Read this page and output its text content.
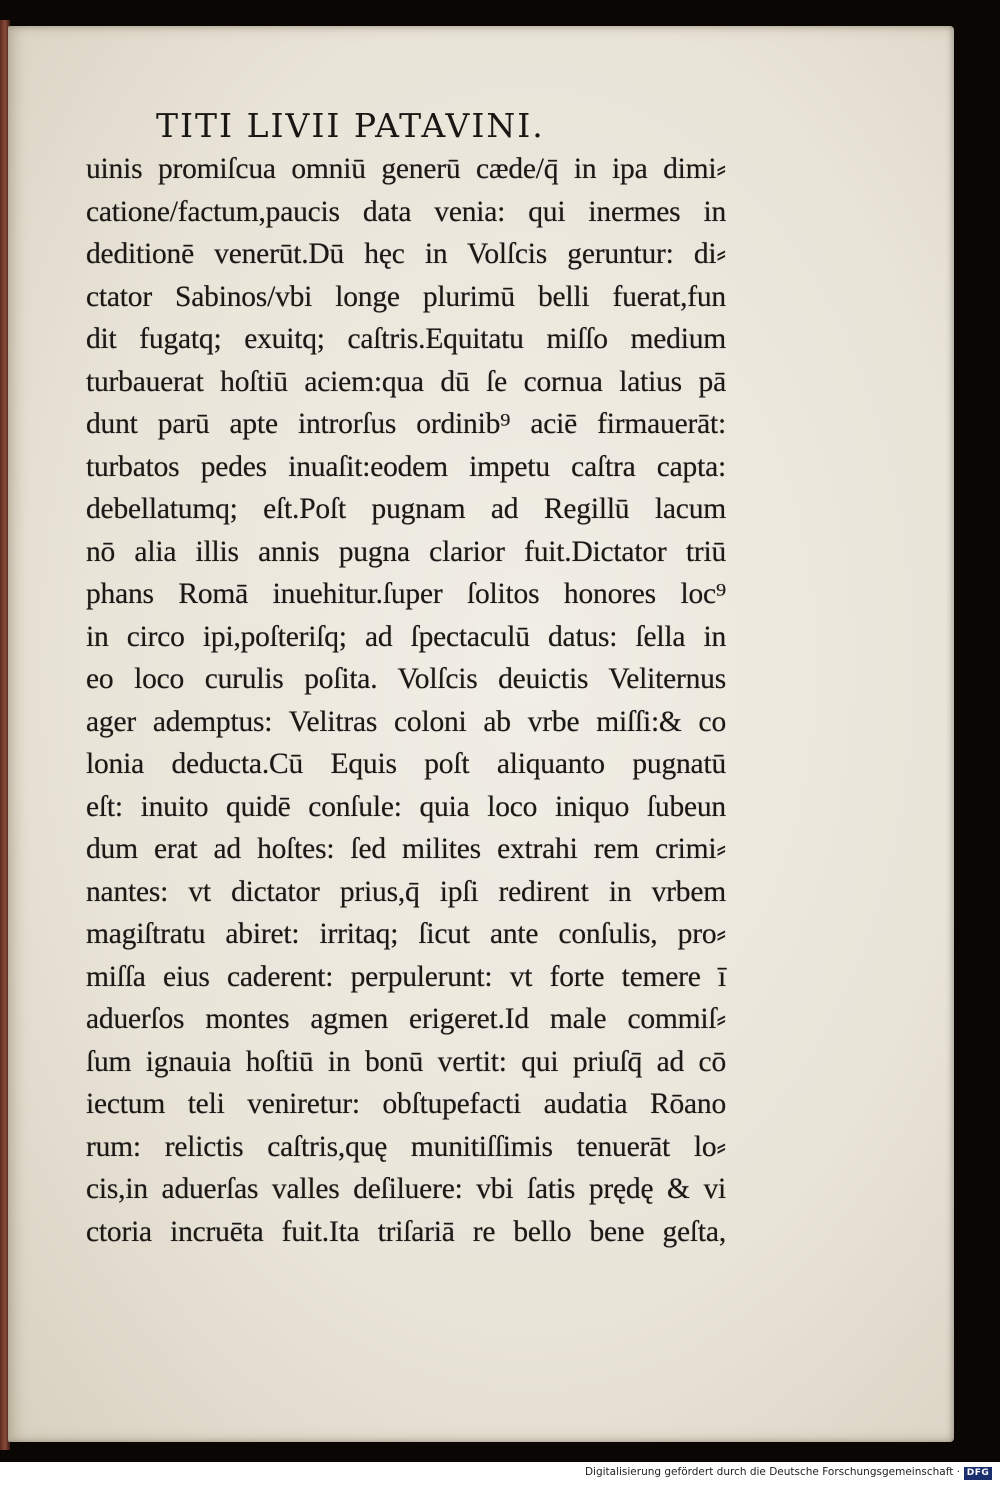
TITI LIVII PATAVINI.
uinis promiſcua omniū generū cæde/q̄ in ipa dimi⸗
catione/factum,paucis data venia: qui inermes in
deditionē venerūt.Dū hęc in Volſcis geruntur: di⸗
ctator Sabinos/vbi longe plurimū belli fuerat,fun
dit fugatq; exuitq; caſtris.Equitatu miſſo medium
turbauerat hoſtiū aciem:qua dū ſe cornua latius pā
dunt parū apte introrſus ordinib⁹ aciē firmauerāt:
turbatos pedes inuaſit:eodem impetu caſtra capta:
debellatumq; eſt.Poſt pugnam ad Regillū lacum
nō alia illis annis pugna clarior fuit.Dictator triū
phans Romā inuehitur.ſuper ſolitos honores loc⁹
in circo ipi,poſteriſq; ad ſpectaculū datus: ſella in
eo loco curulis poſita. Volſcis deuictis Veliternus
ager ademptus: Velitras coloni ab vrbe miſſi:& co
lonia deducta.Cū Equis poſt aliquanto pugnatū
eſt: inuito quidē conſule: quia loco iniquo ſubeun
dum erat ad hoſtes: ſed milites extrahi rem crimi⸗
nantes: vt dictator prius,q̄ ipſi redirent in vrbem
magiſtratu abiret: irritaq; ſicut ante conſulis, pro⸗
miſſa eius caderent: perpulerunt: vt forte temere ī
aduerſos montes agmen erigeret.Id male commiſ⸗
ſum ignauia hoſtiū in bonū vertit: qui priuſq̄ ad cō
iectum teli veniretur: obſtupefacti audatia Rōano
rum: relictis caſtris,quę munitiſſimis tenuerāt lo⸗
cis,in aduerſas valles deſiluere: vbi ſatis prędę & vi
ctoria incruēta fuit.Ita triſariā re bello bene geſta,
Digitalisierung gefördert durch die Deutsche Forschungsgemeinschaft · DFG
